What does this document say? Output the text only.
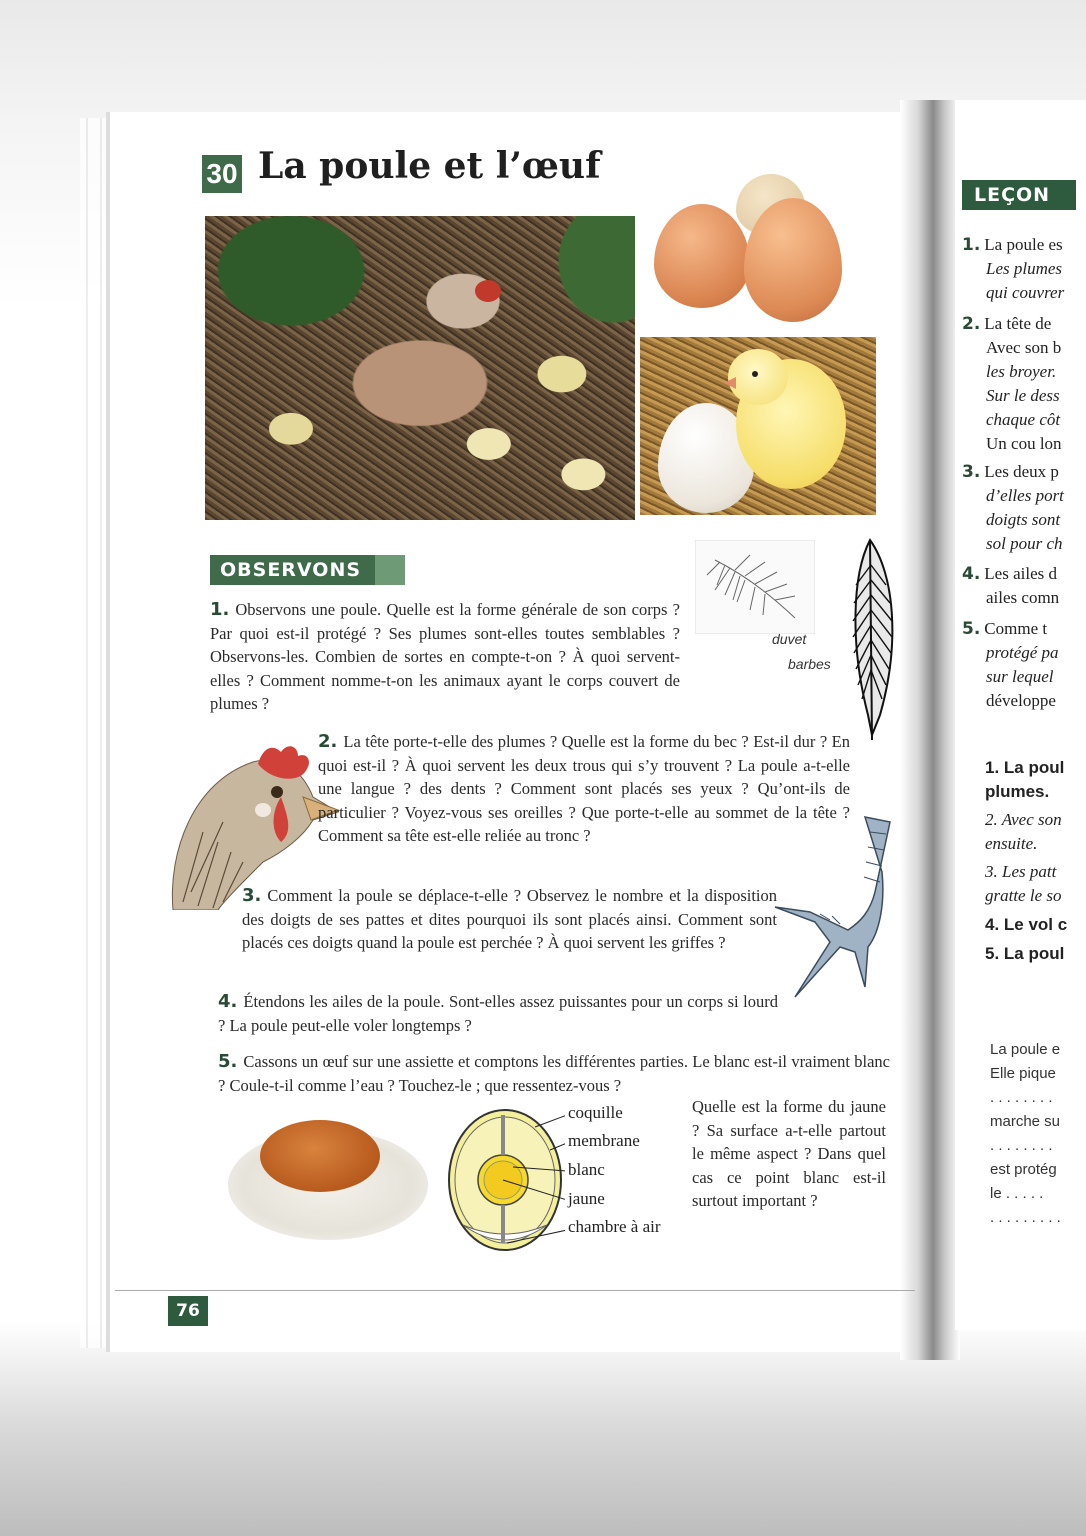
30 La poule et l’œuf
OBSERVONS
duvet
barbes
1. Observons une poule. Quelle est la forme générale de son corps ? Par quoi est-il protégé ? Ses plumes sont-elles toutes semblables ? Observons-les. Combien de sortes en compte-t-on ? À quoi servent-elles ? Comment nomme-t-on les animaux ayant le corps couvert de plumes ?
2. La tête porte-t-elle des plumes ? Quelle est la forme du bec ? Est-il dur ? En quoi est-il ? À quoi servent les deux trous qui s’y trouvent ? La poule a-t-elle une langue ? des dents ? Comment sont placés ses yeux ? Qu’ont-ils de particulier ? Voyez-vous ses oreilles ? Que porte-t-elle au sommet de la tête ? Comment sa tête est-elle reliée au tronc ?
3. Comment la poule se déplace-t-elle ? Observez le nombre et la disposition des doigts de ses pattes et dites pourquoi ils sont placés ainsi. Comment sont placés ces doigts quand la poule est perchée ? À quoi servent les griffes ?
4. Étendons les ailes de la poule. Sont-elles assez puissantes pour un corps si lourd ? La poule peut-elle voler longtemps ?
5. Cassons un œuf sur une assiette et comptons les différentes parties. Le blanc est-il vraiment blanc ? Coule-t-il comme l’eau ? Touchez-le ; que ressentez-vous ?
Quelle est la forme du jaune ? Sa surface a-t-elle partout le même aspect ? Dans quel cas ce point blanc est-il surtout important ?
coquille
membrane
blanc
jaune
chambre à air
76
LEÇON
1. La poule es
Les plumes
qui couvrer
2. La tête de
Avec son b
les broyer.
Sur le dess
chaque côt
Un cou lon
3. Les deux p
d’elles port
doigts sont
sol pour ch
4. Les ailes d
ailes comn
5. Comme t
protégé pa
sur lequel
développe
1. La poul
plumes.
2. Avec son
ensuite.
3. Les patt
gratte le so
4. Le vol c
5. La poul
La poule e
Elle pique
. . . . . . . .
marche su
. . . . . . . .
est protég
le . . . . .
. . . . . . . . .
